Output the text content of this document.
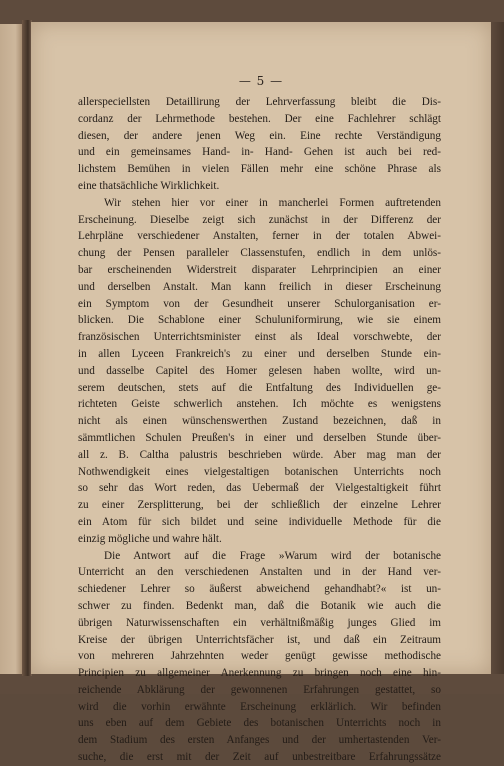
— 5 —
allerspeciellsten Detaillirung der Lehrverfassung bleibt die Dis-
cordanz der Lehrmethode bestehen. Der eine Fachlehrer schlägt
diesen, der andere jenen Weg ein. Eine rechte Verständigung
und ein gemeinsames Hand- in- Hand- Gehen ist auch bei red-
lichstem Bemühen in vielen Fällen mehr eine schöne Phrase als
eine thatsächliche Wirklichkeit.
Wir stehen hier vor einer in mancherlei Formen auftretenden
Erscheinung. Dieselbe zeigt sich zunächst in der Differenz der
Lehrpläne verschiedener Anstalten, ferner in der totalen Abwei-
chung der Pensen paralleler Classenstufen, endlich in dem unlös-
bar erscheinenden Widerstreit disparater Lehrprincipien an einer
und derselben Anstalt. Man kann freilich in dieser Erscheinung
ein Symptom von der Gesundheit unserer Schulorganisation er-
blicken. Die Schablone einer Schuluniformirung, wie sie einem
französischen Unterrichtsminister einst als Ideal vorschwebte, der
in allen Lyceen Frankreich's zu einer und derselben Stunde ein-
und dasselbe Capitel des Homer gelesen haben wollte, wird un-
serem deutschen, stets auf die Entfaltung des Individuellen ge-
richteten Geiste schwerlich anstehen. Ich möchte es wenigstens
nicht als einen wünschenswerthen Zustand bezeichnen, daß in
sämmtlichen Schulen Preußen's in einer und derselben Stunde über-
all z. B. Caltha palustris beschrieben würde. Aber mag man der
Nothwendigkeit eines vielgestaltigen botanischen Unterrichts noch
so sehr das Wort reden, das Uebermaß der Vielgestaltigkeit führt
zu einer Zersplitterung, bei der schließlich der einzelne Lehrer
ein Atom für sich bildet und seine individuelle Methode für die
einzig mögliche und wahre hält.
Die Antwort auf die Frage »Warum wird der botanische
Unterricht an den verschiedenen Anstalten und in der Hand ver-
schiedener Lehrer so äußerst abweichend gehandhabt?« ist un-
schwer zu finden. Bedenkt man, daß die Botanik wie auch die
übrigen Naturwissenschaften ein verhältnißmäßig junges Glied im
Kreise der übrigen Unterrichtsfächer ist, und daß ein Zeitraum
von mehreren Jahrzehnten weder genügt gewisse methodische
Principien zu allgemeiner Anerkennung zu bringen noch eine hin-
reichende Abklärung der gewonnenen Erfahrungen gestattet, so
wird die vorhin erwähnte Erscheinung erklärlich. Wir befinden
uns eben auf dem Gebiete des botanischen Unterrichts noch in
dem Stadium des ersten Anfanges und der umhertastenden Ver-
suche, die erst mit der Zeit auf unbestreitbare Erfahrungssätze
